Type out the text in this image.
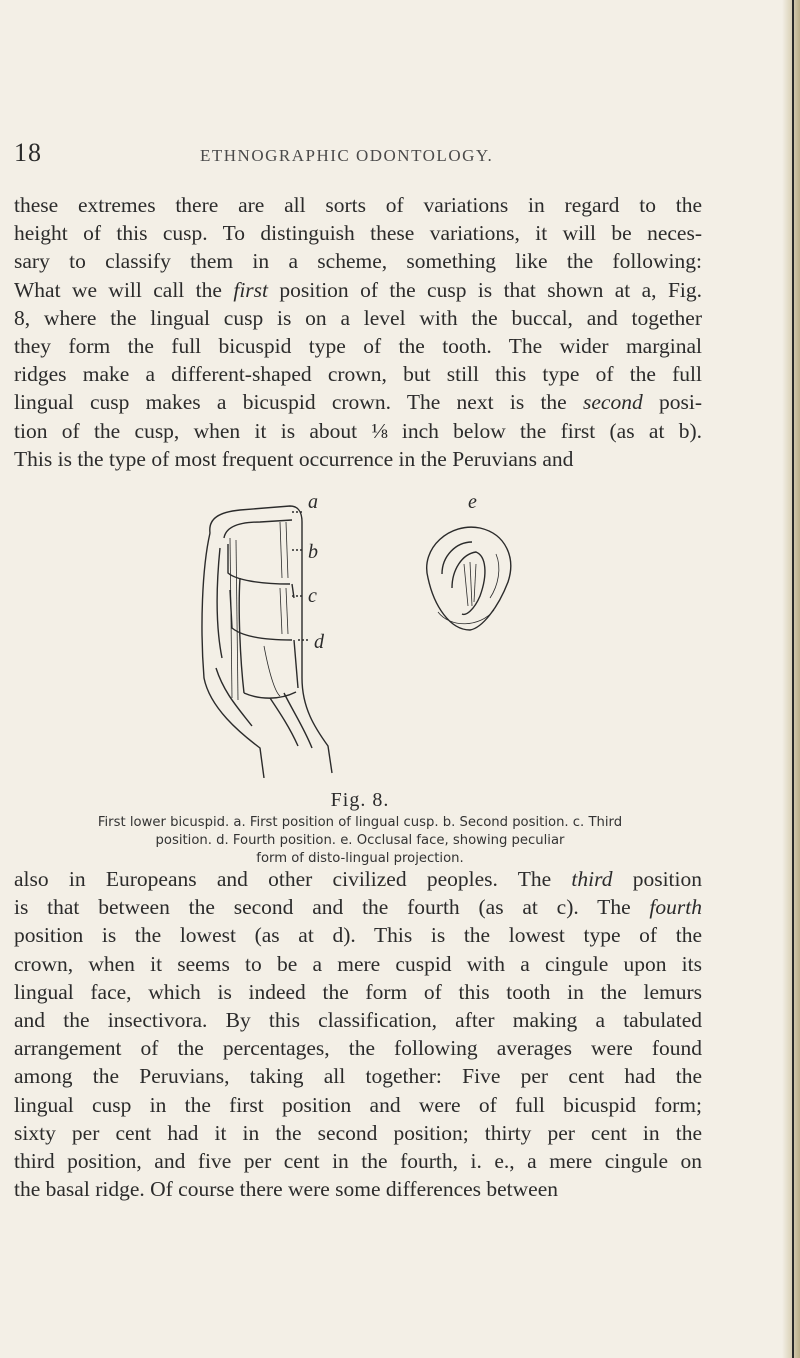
18	ETHNOGRAPHIC ODONTOLOGY.
these extremes there are all sorts of variations in regard to the
height of this cusp. To distinguish these variations, it will be neces-
sary to classify them in a scheme, something like the following:
What we will call the first position of the cusp is that shown at a, Fig.
8, where the lingual cusp is on a level with the buccal, and together
they form the full bicuspid type of the tooth. The wider marginal
ridges make a different-shaped crown, but still this type of the full
lingual cusp makes a bicuspid crown. The next is the second posi-
tion of the cusp, when it is about ⅛ inch below the first (as at b).
This is the type of most frequent occurrence in the Peruvians and
a
b
c
d
e
Fig. 8.
First lower bicuspid. a. First position of lingual cusp. b. Second position. c. Third
position. d. Fourth position. e. Occlusal face, showing peculiar
form of disto-lingual projection.
also in Europeans and other civilized peoples. The third position
is that between the second and the fourth (as at c). The fourth
position is the lowest (as at d). This is the lowest type of the
crown, when it seems to be a mere cuspid with a cingule upon its
lingual face, which is indeed the form of this tooth in the lemurs
and the insectivora. By this classification, after making a tabulated
arrangement of the percentages, the following averages were found
among the Peruvians, taking all together: Five per cent had the
lingual cusp in the first position and were of full bicuspid form;
sixty per cent had it in the second position; thirty per cent in the
third position, and five per cent in the fourth, i. e., a mere cingule on
the basal ridge. Of course there were some differences between
